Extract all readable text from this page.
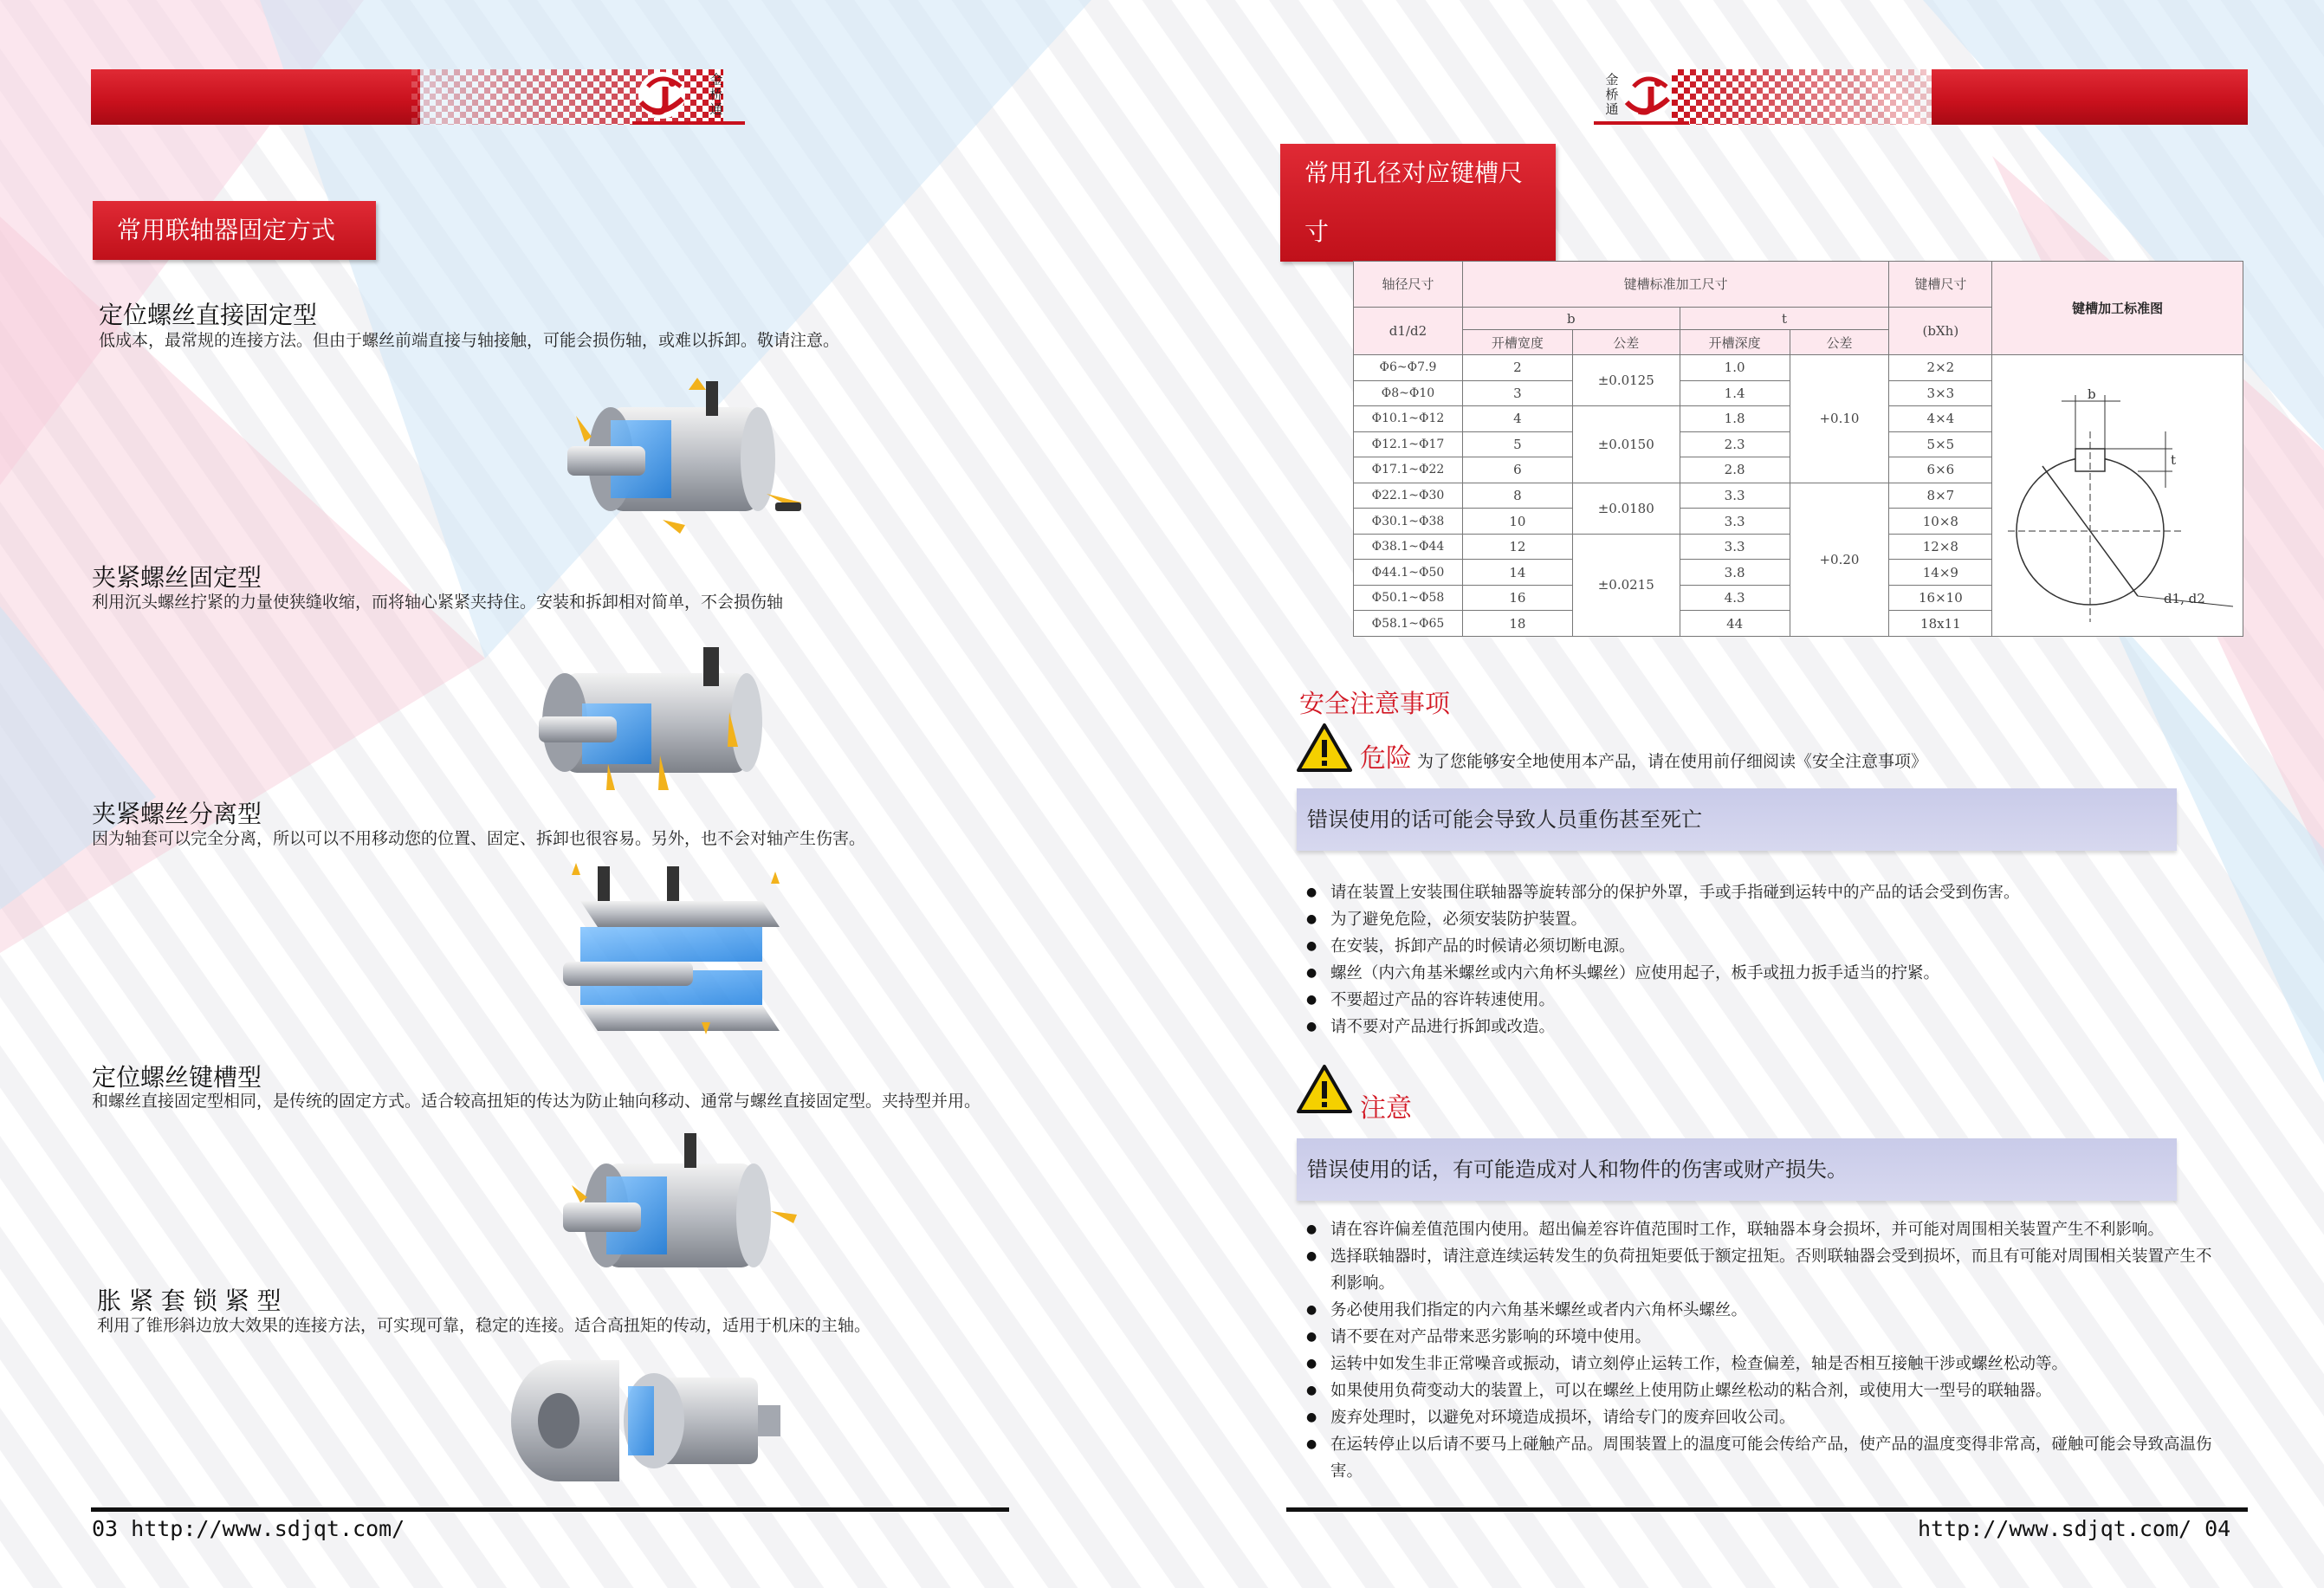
金
桥
通
金
桥
通
常用联轴器固定方式
常用孔径对应键槽尺寸
定位螺丝直接固定型
低成本，最常规的连接方法。但由于螺丝前端直接与轴接触，可能会损伤轴，或难以拆卸。敬请注意。
夹紧螺丝固定型
利用沉头螺丝拧紧的力量使狭缝收缩，而将轴心紧紧夹持住。安装和拆卸相对简单，不会损伤轴
夹紧螺丝分离型
因为轴套可以完全分离，所以可以不用移动您的位置、固定、拆卸也很容易。另外，也不会对轴产生伤害。
定位螺丝键槽型
和螺丝直接固定型相同，是传统的固定方式。适合较高扭矩的传达为防止轴向移动、通常与螺丝直接固定型。夹持型并用。
胀 紧 套 锁 紧 型
利用了锥形斜边放大效果的连接方法，可实现可靠，稳定的连接。适合高扭矩的传动，适用于机床的主轴。
轴径尺寸	键槽标准加工尺寸				键槽尺寸	键槽加工标准图
d1/d2	b		t		(bXh)	
	开槽宽度	公差	开槽深度	公差		
Φ6~Φ7.9	2	±0.0125	1.0	+0.10	2×2	
Φ8~Φ10	3		1.4		3×3	
Φ10.1~Φ12	4	±0.0150	1.8		4×4	
Φ12.1~Φ17	5		2.3		5×5	
Φ17.1~Φ22	6		2.8		6×6	
Φ22.1~Φ30	8	±0.0180	3.3	+0.20	8×7	
Φ30.1~Φ38	10		3.3		10×8	
Φ38.1~Φ44	12	±0.0215	3.3		12×8	
Φ44.1~Φ50	14		3.8		14×9	
Φ50.1~Φ58	16		4.3		16×10	
Φ58.1~Φ65	18		44		18x11	
b
t
d1, d2
安全注意事项
危险 为了您能够安全地使用本产品，请在使用前仔细阅读《安全注意事项》
错误使用的话可能会导致人员重伤甚至死亡
● 请在装置上安装围住联轴器等旋转部分的保护外罩，手或手指碰到运转中的产品的话会受到伤害。
● 为了避免危险，必须安装防护装置。
● 在安装，拆卸产品的时候请必须切断电源。
● 螺丝（内六角基米螺丝或内六角杯头螺丝）应使用起子，板手或扭力扳手适当的拧紧。
● 不要超过产品的容许转速使用。
● 请不要对产品进行拆卸或改造。
注意
错误使用的话，有可能造成对人和物件的伤害或财产损失。
● 请在容许偏差值范围内使用。超出偏差容许值范围时工作，联轴器本身会损坏，并可能对周围相关装置产生不利影响。
● 选择联轴器时，请注意连续运转发生的负荷扭矩要低于额定扭矩。否则联轴器会受到损坏，而且有可能对周围相关装置产生不利影响。
● 务必使用我们指定的内六角基米螺丝或者内六角杯头螺丝。
● 请不要在对产品带来恶劣影响的环境中使用。
● 运转中如发生非正常噪音或振动，请立刻停止运转工作，检查偏差，轴是否相互接触干涉或螺丝松动等。
● 如果使用负荷变动大的装置上，可以在螺丝上使用防止螺丝松动的粘合剂，或使用大一型号的联轴器。
● 废弃处理时，以避免对环境造成损坏，请给专门的废弃回收公司。
● 在运转停止以后请不要马上碰触产品。周围装置上的温度可能会传给产品，使产品的温度变得非常高，碰触可能会导致高温伤害。
03 http://www.sdjqt.com/	http://www.sdjqt.com/ 04
